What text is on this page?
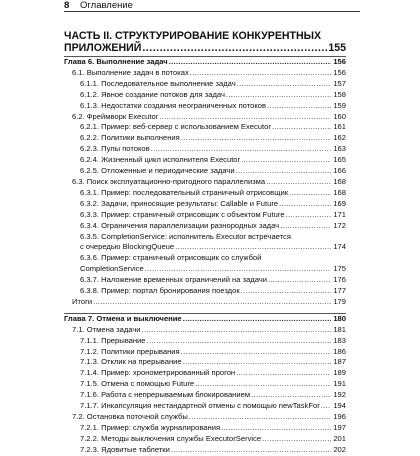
8	Оглавление
ЧАСТЬ II. СТРУКТУРИРОВАНИЕ КОНКУРЕНТНЫХ
ПРИЛОЖЕНИЙ .....	155
Глава 6. Выполнение задач .....	156
6.1. Выполнение задач в потоках .....	156
6.1.1. Последовательное выполнение задач .....	157
6.1.2. Явное создание потоков для задач .....	158
6.1.3. Недостатки создания неограниченных потоков .....	159
6.2. Фреймворк Executor .....	160
6.2.1. Пример: веб-сервер с использованием Executor .....	161
6.2.2. Политики выполнения .....	162
6.2.3. Пулы потоков .....	163
6.2.4. Жизненный цикл исполнителя Executor .....	165
6.2.5. Отложенные и периодические задачи .....	166
6.3. Поиск эксплуатационно-пригодного параллелизма .....	168
6.3.1. Пример: последовательный страничный отрисовщик .....	168
6.3.2. Задачи, приносящие результаты: Callable и Future .....	169
6.3.3. Пример: страничный отрисовщик с объектом Future .....	171
6.3.4. Ограничения параллелизации разнородных задач .....	172
6.3.5. CompletionService: исполнитель Executor встречается
с очередью BlockingQueue .....	174
6.3.6. Пример: страничный отрисовщик со службой
CompletionService .....	175
6.3.7. Наложение временных ограничений на задачи .....	176
6.3.8. Пример: портал бронирования поездок .....	177
Итоги .....	179
Глава 7. Отмена и выключение .....	180
7.1. Отмена задачи .....	181
7.1.1. Прерывание .....	183
7.1.2. Политики прерывания .....	186
7.1.3. Отклик на прерывание .....	187
7.1.4. Пример: хронометрированный прогон .....	189
7.1.5. Отмена с помощью Future .....	191
7.1.6. Работа с непрерываемым блокированием .....	192
7.1.7. Инкапсуляция нестандартной отмены с помощью newTaskFor ..... 194
7.2. Остановка поточной службы .....	196
7.2.1. Пример: служба журналирования .....	197
7.2.2. Методы выключения службы ExecutorService .....	201
7.2.3. Ядовитые таблетки .....	202
